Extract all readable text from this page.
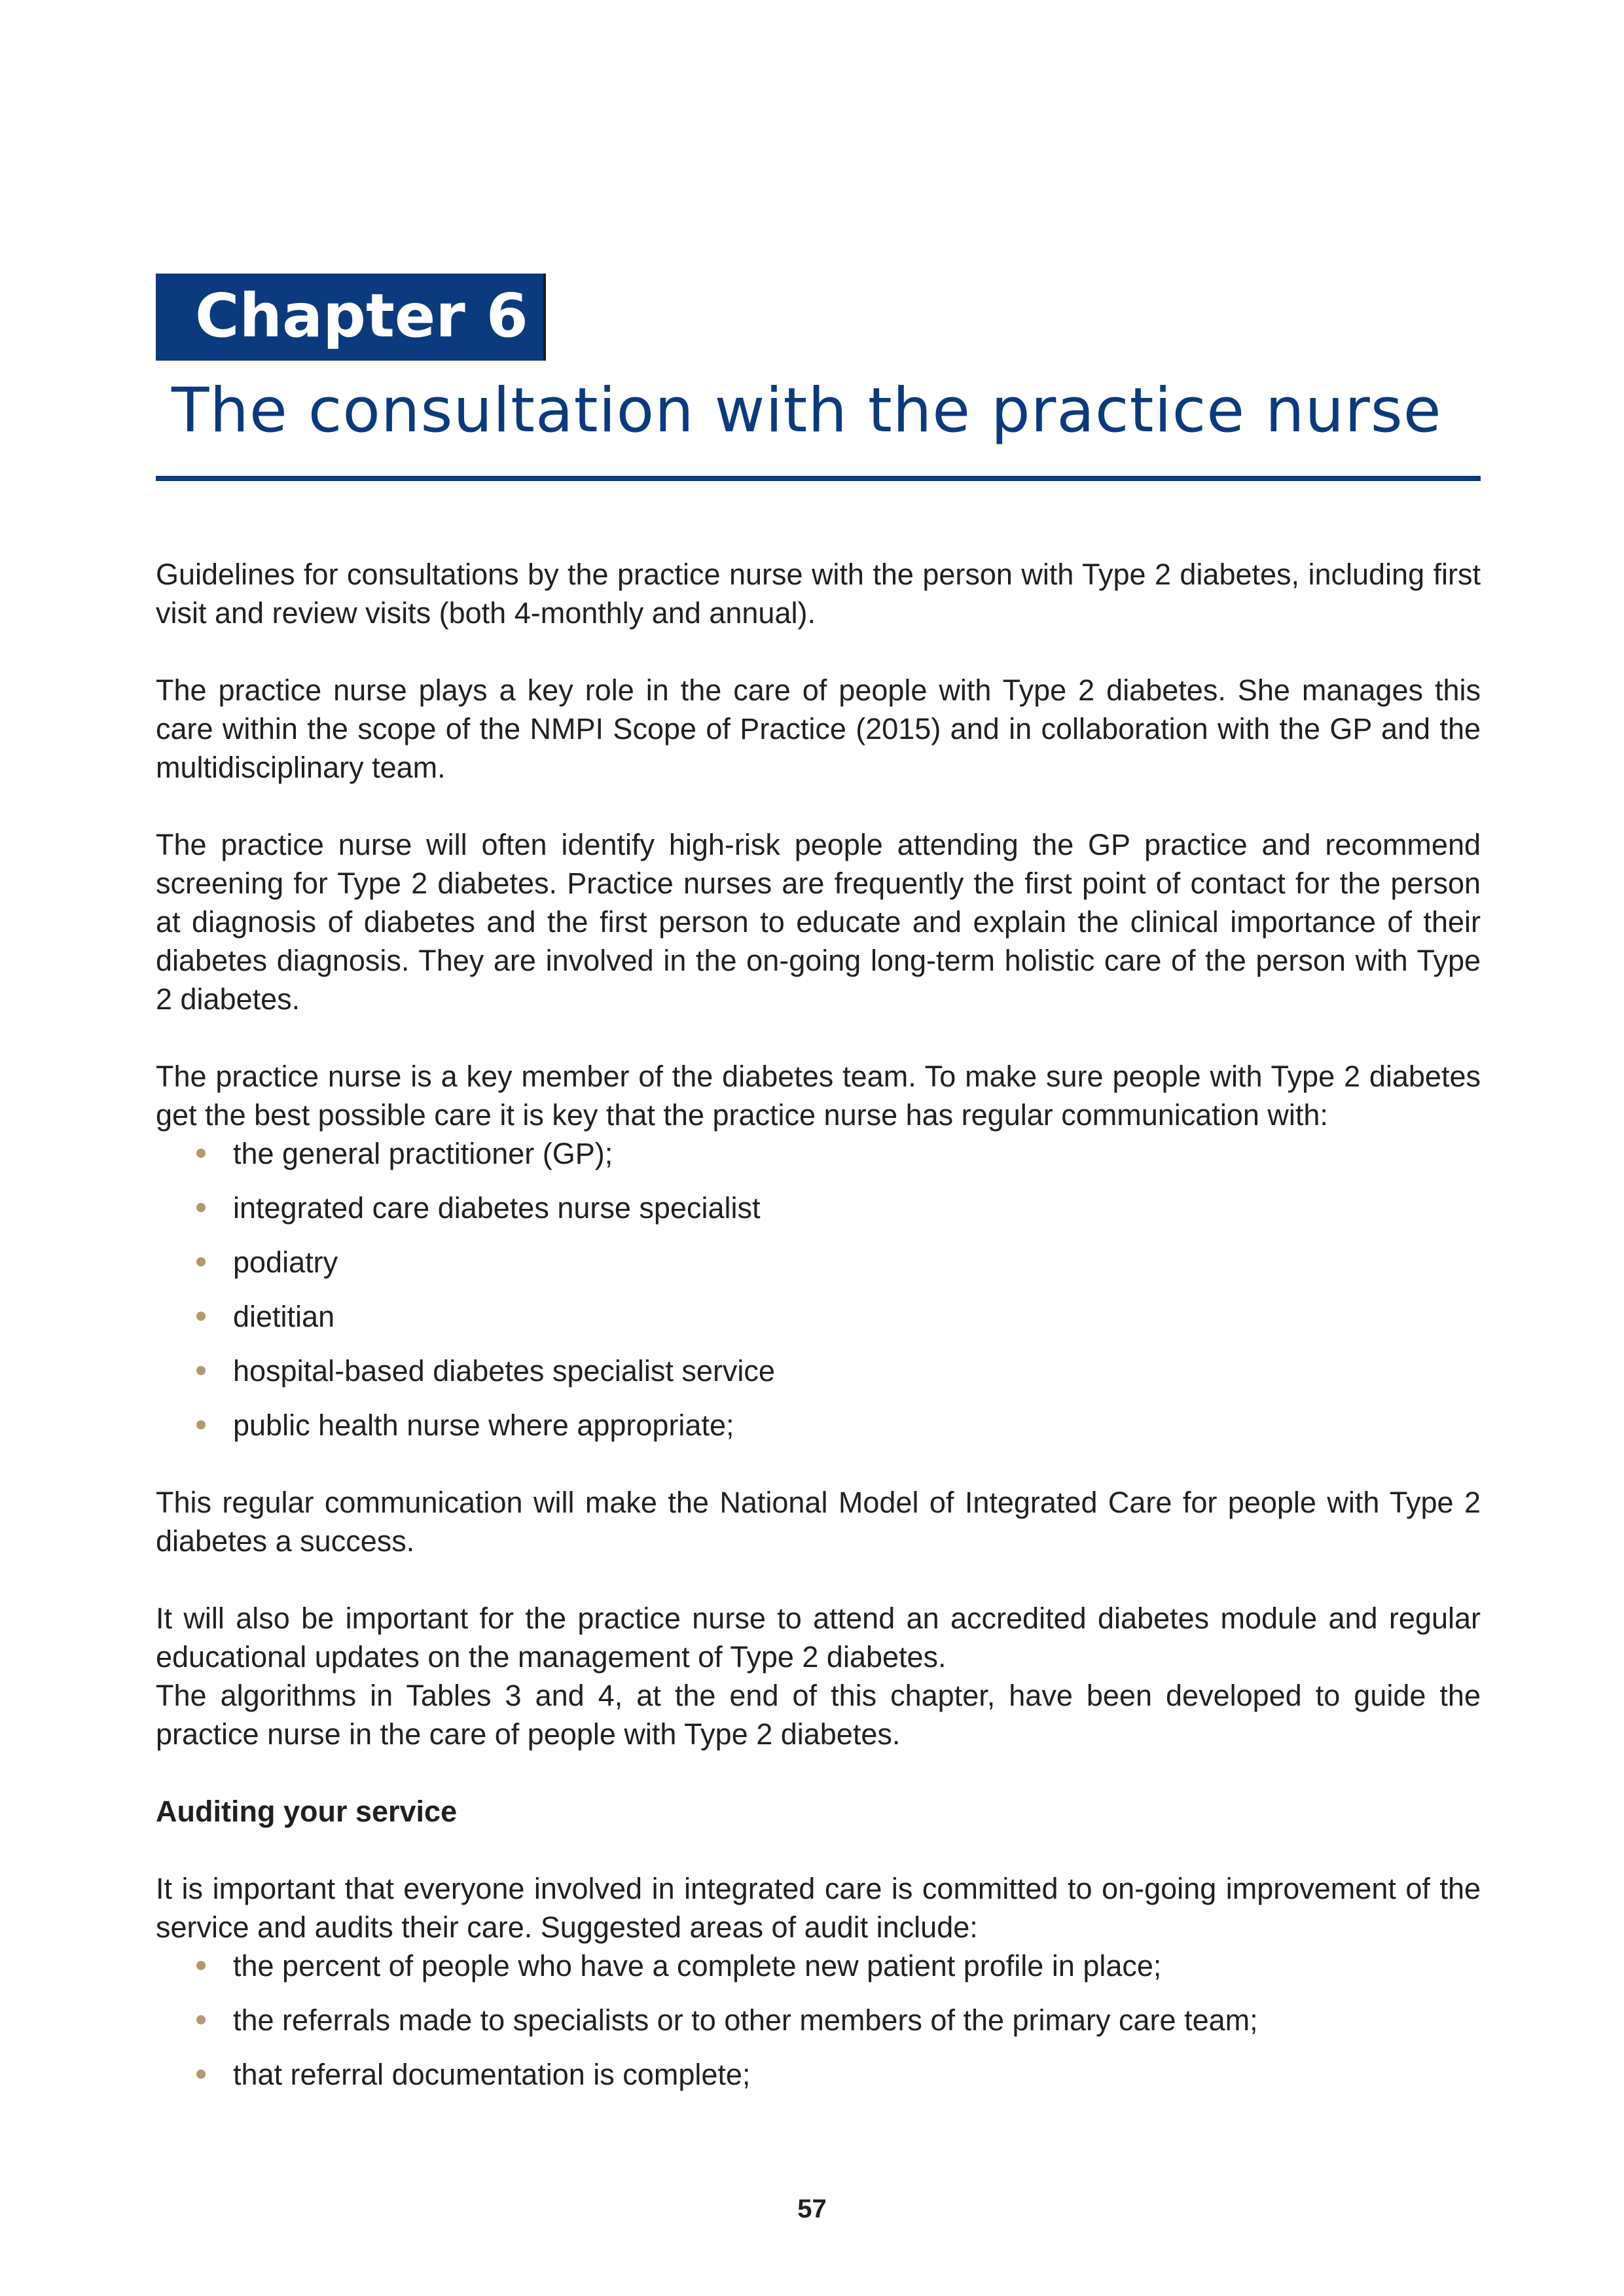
Chapter 6
The consultation with the practice nurse

Guidelines for consultations by the practice nurse with the person with Type 2 diabetes, including first visit and review visits (both 4-monthly and annual).

The practice nurse plays a key role in the care of people with Type 2 diabetes. She manages this care within the scope of the NMPI Scope of Practice (2015) and in collaboration with the GP and the multidisciplinary team.

The practice nurse will often identify high-risk people attending the GP practice and recommend screening for Type 2 diabetes. Practice nurses are frequently the first point of contact for the person at diagnosis of diabetes and the first person to educate and explain the clinical importance of their diabetes diagnosis. They are involved in the on-going long-term holistic care of the person with Type 2 diabetes.

The practice nurse is a key member of the diabetes team. To make sure people with Type 2 diabetes get the best possible care it is key that the practice nurse has regular communication with:

the general practitioner (GP);
integrated care diabetes nurse specialist
podiatry
dietitian
hospital-based diabetes specialist service
public health nurse where appropriate;

This regular communication will make the National Model of Integrated Care for people with Type 2 diabetes a success.

It will also be important for the practice nurse to attend an accredited diabetes module and regular educational updates on the management of Type 2 diabetes.

The algorithms in Tables 3 and 4, at the end of this chapter, have been developed to guide the practice nurse in the care of people with Type 2 diabetes.

Auditing your service

It is important that everyone involved in integrated care is committed to on-going improvement of the service and audits their care. Suggested areas of audit include:

the percent of people who have a complete new patient profile in place;
the referrals made to specialists or to other members of the primary care team;
that referral documentation is complete;
57
